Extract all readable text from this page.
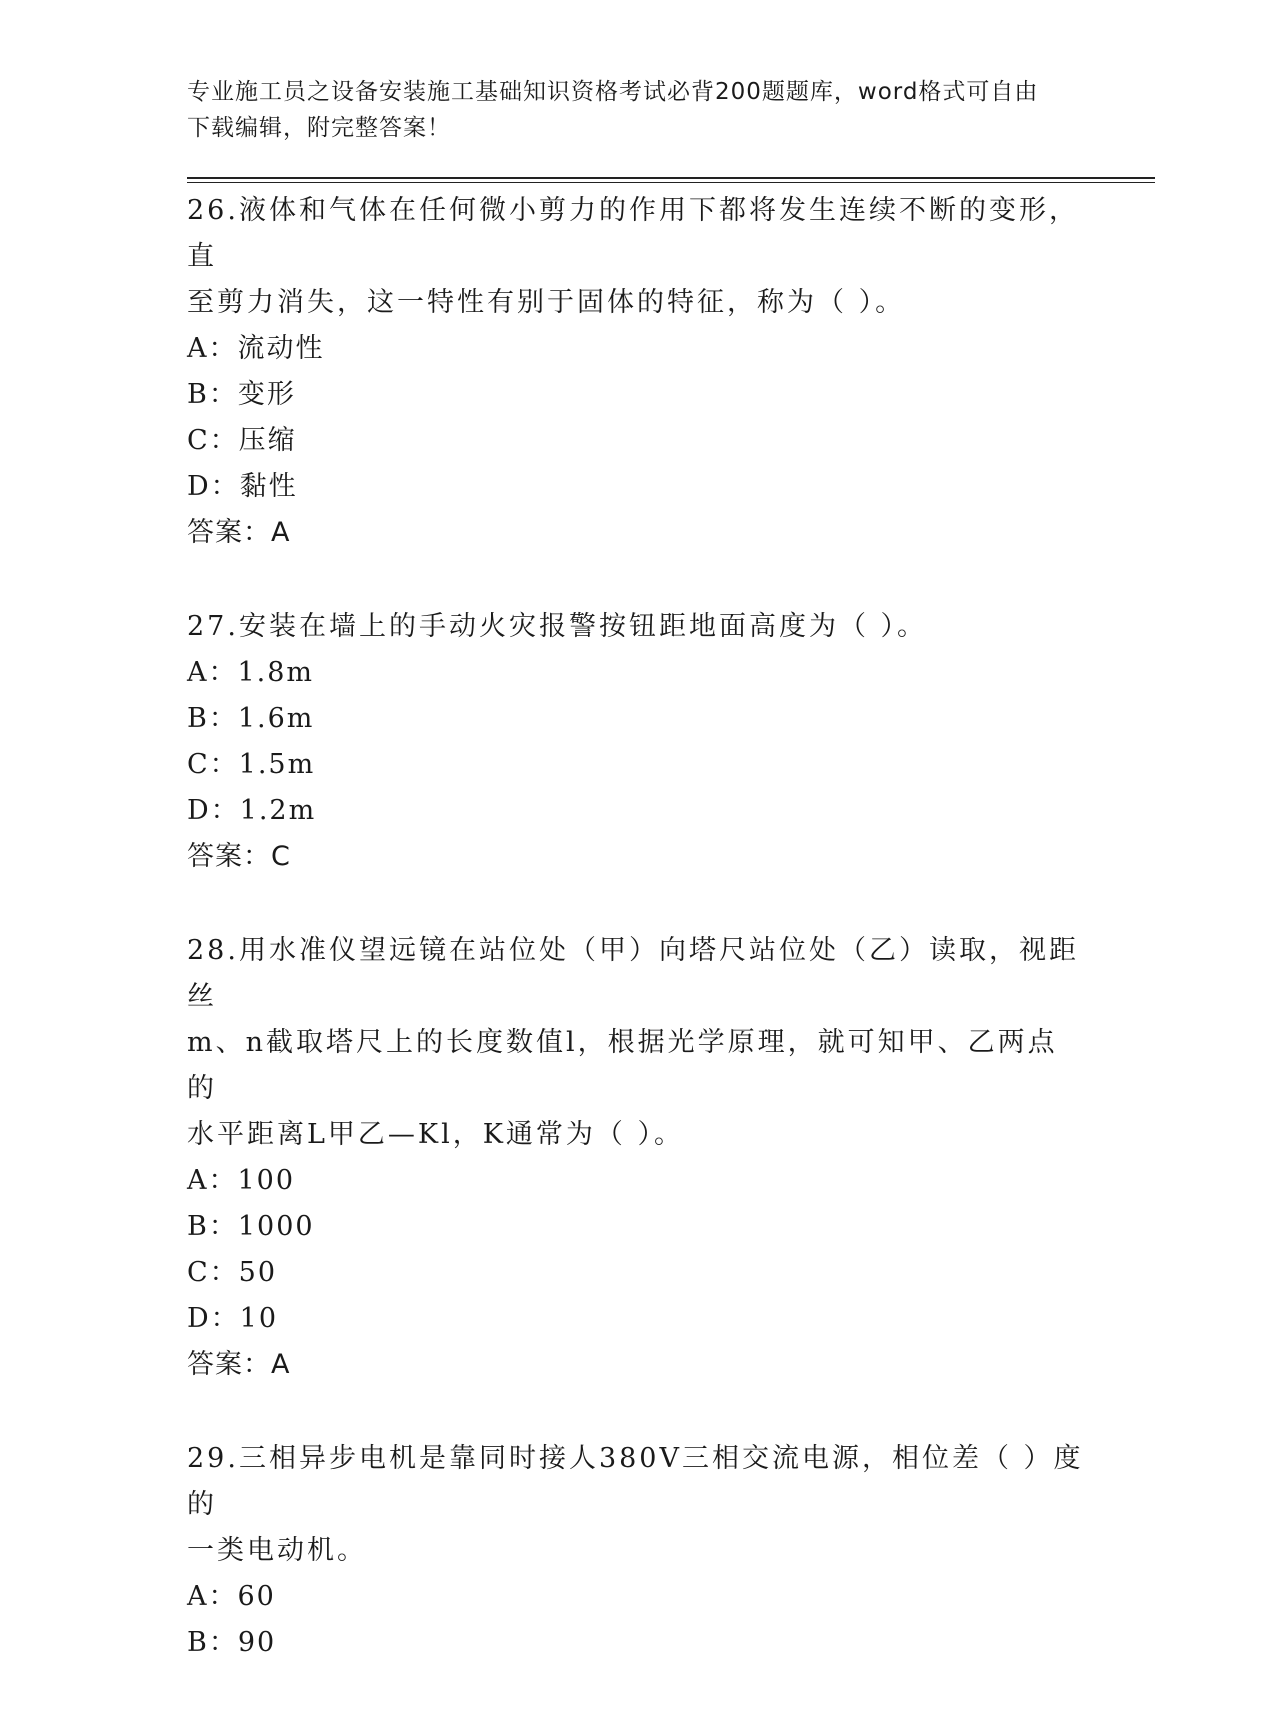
专业施工员之设备安装施工基础知识资格考试必背200题题库，word格式可自由
下载编辑，附完整答案！
26.液体和气体在任何微小剪力的作用下都将发生连续不断的变形，直
至剪力消失，这一特性有别于固体的特征，称为（ ）。
A：流动性
B：变形
C：压缩
D：黏性
答案：A
27.安装在墙上的手动火灾报警按钮距地面高度为（ ）。
A：1.8m
B：1.6m
C：1.5m
D：1.2m
答案：C
28.用水准仪望远镜在站位处（甲）向塔尺站位处（乙）读取，视距丝
m、n截取塔尺上的长度数值l，根据光学原理，就可知甲、乙两点的
水平距离L甲乙—Kl，K通常为（ ）。
A：100
B：1000
C：50
D：10
答案：A
29.三相异步电机是靠同时接人380V三相交流电源，相位差（ ）度的
一类电动机。
A：60
B：90
